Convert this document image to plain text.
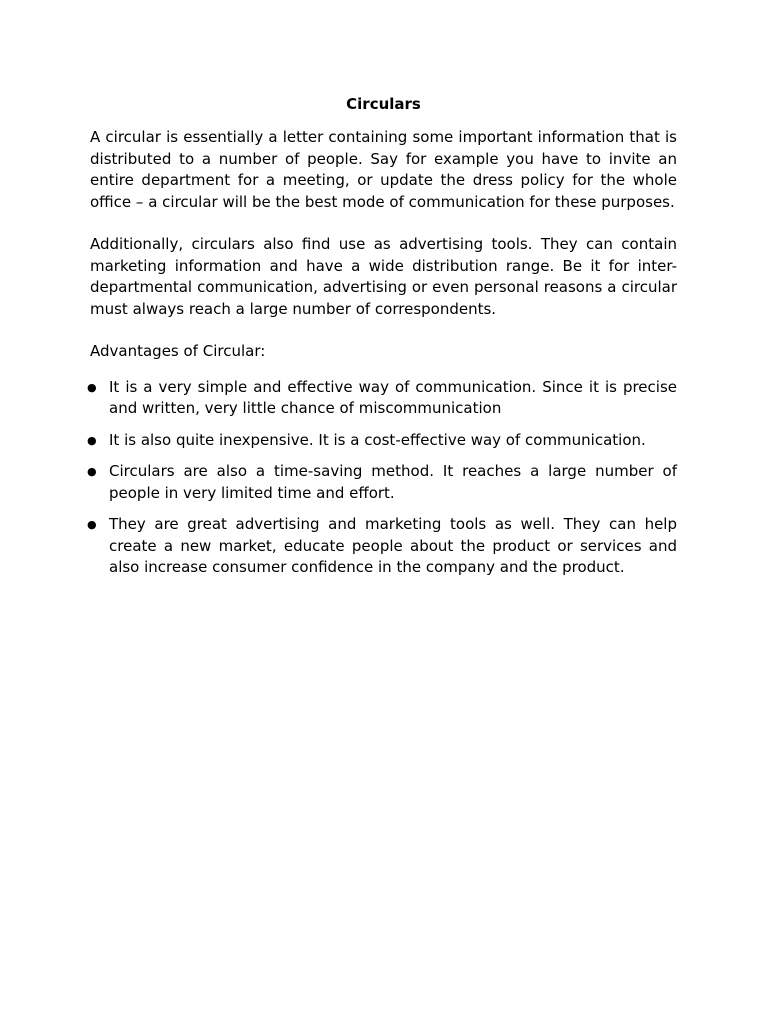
Circulars

A circular is essentially a letter containing some important information that is distributed to a number of people. Say for example you have to invite an entire department for a meeting, or update the dress policy for the whole office – a circular will be the best mode of communication for these purposes.

Additionally, circulars also find use as advertising tools. They can contain marketing information and have a wide distribution range. Be it for inter-departmental communication, advertising or even personal reasons a circular must always reach a large number of correspondents.

Advantages of Circular:

● It is a very simple and effective way of communication. Since it is precise and written, very little chance of miscommunication

● It is also quite inexpensive. It is a cost-effective way of communication.

● Circulars are also a time-saving method. It reaches a large number of people in very limited time and effort.

● They are great advertising and marketing tools as well. They can help create a new market, educate people about the product or services and also increase consumer confidence in the company and the product.
